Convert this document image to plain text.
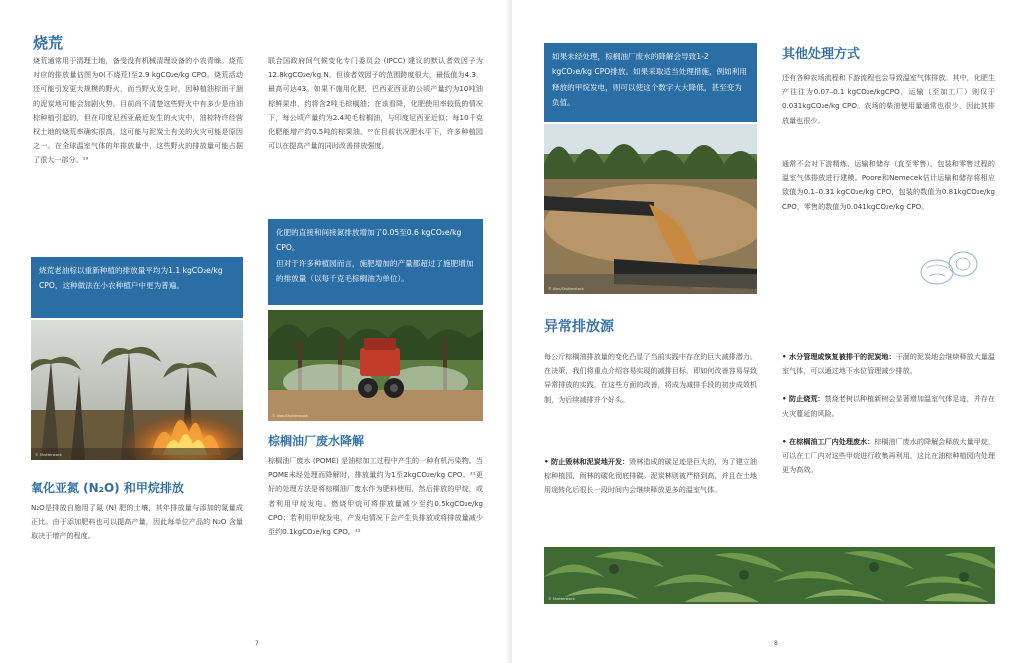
烧荒

烧荒通常用于清理土地，备受没有机械清理设备的小农青睐。烧荒对应的排放量估图为0(不烧荒)至2.9 kgCO₂e/kg CPO。烧荒活动还可能引发更大规模的野火，而当野火发生时，因种植油棕而干涸的泥炭地可能会加剧火势。目前尚不清楚这些野火中有多少是由油棕种植引起的，但在印度尼西亚最近发生的火灾中，油棕特许经营权土地的烧荒率确实很高，这可能与泥炭土有关的火灾可能是原因之一。在全球温室气体的年排放量中，这些野火的排放量可能占据了很大一部分。¹⁹

烧荒老油棕以重新种植的排放量平均为1.1 kgCO₂e/kg CPO，这种做法在小农种植户中更为普遍。

© Shutterstock
氧化亚氮 (N₂O) 和甲烷排放

N₂O是排放自施用了氮 (N) 肥的土壤，其年排放量与添加的氮量成正比。由于添加肥料也可以提高产量，因此每单位产品的 N₂O 含量取决于增产的程度。

联合国政府间气候变化专门委员会 (IPCC) 建议的默认者效因子为 12.8kgCO₂e/kg N，但该者效因子的范围跨度很大，最低值为4.3，最高可达43。如果不施用化肥，巴西亚西亚的公顷产量约为10吨油棕鲜果串，约将含2吨毛棕榈油；在该看降，化肥使用率较低的情况下，每公顷产量约为2.4吨毛棕榈油，与印度尼西亚近似；每10千克化肥能增产约0.5吨的棕果油。²⁰在目前状况肥水平下，许多种植园可以在提高产量的同时改善排放强度。

化肥的直接和间接氮排放增加了0.05至0.6 kgCO₂e/kg CPO。

但对于许多种植园而言，施肥增加的产量都超过了施肥增加的排放量（以每千克毛棕榈油为单位）。

© Alan/Shutterstock
棕榈油厂废水降解

棕榈油厂废水 (POME) 是油棕加工过程中产生的一种有机污染物。当POME未经处理而降解时，排放量约为1至2kgCO₂e/kg CPO。²¹更好的处理方法是将棕榈油厂废水作为肥料使用，然后排放的甲烷，或者利用甲烷发电。燃烧甲烷可将排放量减少至约0.5kgCO₂e/kg CPO；若利用甲烷发电，产发电情况下会产生负排放或将排放量减少至约0.1kgCO₂e/kg CPO。²²

7

如果未经处理，棕榈油厂废水的降解会导致1-2 kgCO₂e/kg CPO排放。如果采取适当处理措施，例如利用释放的甲烷发电，则可以使这个数字大大降低，甚至变为负值。

© Alan/Shutterstock
其他处理方式

还有各种农场流程和下游流程也会导致温室气体排放。其中，化肥生产往往为0.07–0.1 kgCO₂e/kgCPO，运输（至加工厂）则仅于0.031kgCO₂e/kg CPO。农场的柴油使用量通常也很少，因此其排放量也很少。

通常不会对下游精炼、运输和储存（直至零售）、包装和零售过程的温室气体排放进行建模。Poore和Nemecek估计运输和储存将相应致值为0.1–0.31 kgCO₂e/kg CPO，包装的数值为0.81kgCO₂e/kg CPO，零售的数值为0.041kgCO₂e/kg CPO。

异常排放源

每公斤棕榈油排放量的变化凸显了当前实践中存在的巨大减排潜力。在决策，我们将重点介绍容易实现的减排目标，即如何改善容易导致异常排放的实践，在这些方面的改善，将成为减排手段的初步成效机制，为后续减排并个好头。

• 防止毁林和泥炭地开发：毁林造成的碳足迹是巨大的，为了建立油棕种植园，雨林的碳化彻底排碳。泥炭林则被严格到高，并且在土地用途转化后很长一段时间内会继续释放更多的温室气体。

• 水分管理或恢复被排干的泥炭地：干涸的泥炭地会继续释放大量温室气体，可以通过地下水位管理减少排放。
• 防止烧荒：禁烧老树以种植新树会显著增加温室气体足迹，并存在火灾蔓延的风险。
• 在棕榈油工厂内处理废水：棕榈油厂废水的降解会释放大量甲烷，可以在工厂内对这些甲烷进行收集再利用，这比在油棕种植园内处理更为高效。
© Shutterstock
8
